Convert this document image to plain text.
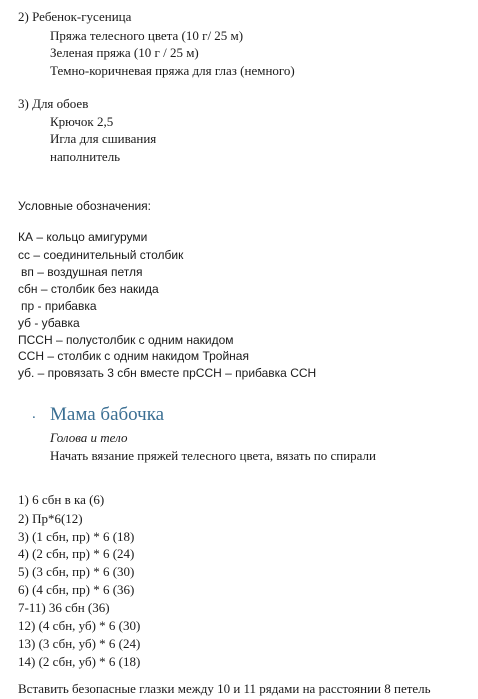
2) Ребенок-гусеница
Пряжа телесного цвета (10 г/ 25 м)
Зеленая пряжа (10 г / 25 м)
Темно-коричневая пряжа для глаз (немного)
3) Для обоев
Крючок 2,5
Игла для сшивания
наполнитель
Условные обозначения:
КА – кольцо амигуруми
сс – соединительный столбик
вп – воздушная петля
сбн – столбик без накида
пр - прибавка
уб - убавка
ПССН – полустолбик с одним накидом
ССН – столбик с одним накидом Тройная
уб. – провязать 3 сбн вместе прССН – прибавка ССН
. Мама бабочка
Голова и тело
Начать вязание пряжей телесного цвета, вязать по спирали
1) 6 сбн в ка (6)
2) Пр*6(12)
3) (1 сбн, пр) * 6 (18)
4) (2 сбн, пр) * 6 (24)
5) (3 сбн, пр) * 6 (30)
6) (4 сбн, пр) * 6 (36)
7-11) 36 сбн (36)
12) (4 сбн, уб) * 6 (30)
13) (3 сбн, уб) * 6 (24)
14) (2 сбн, уб) * 6 (18)
Вставить безопасные глазки между 10 и 11 рядами на расстоянии 8 петель
